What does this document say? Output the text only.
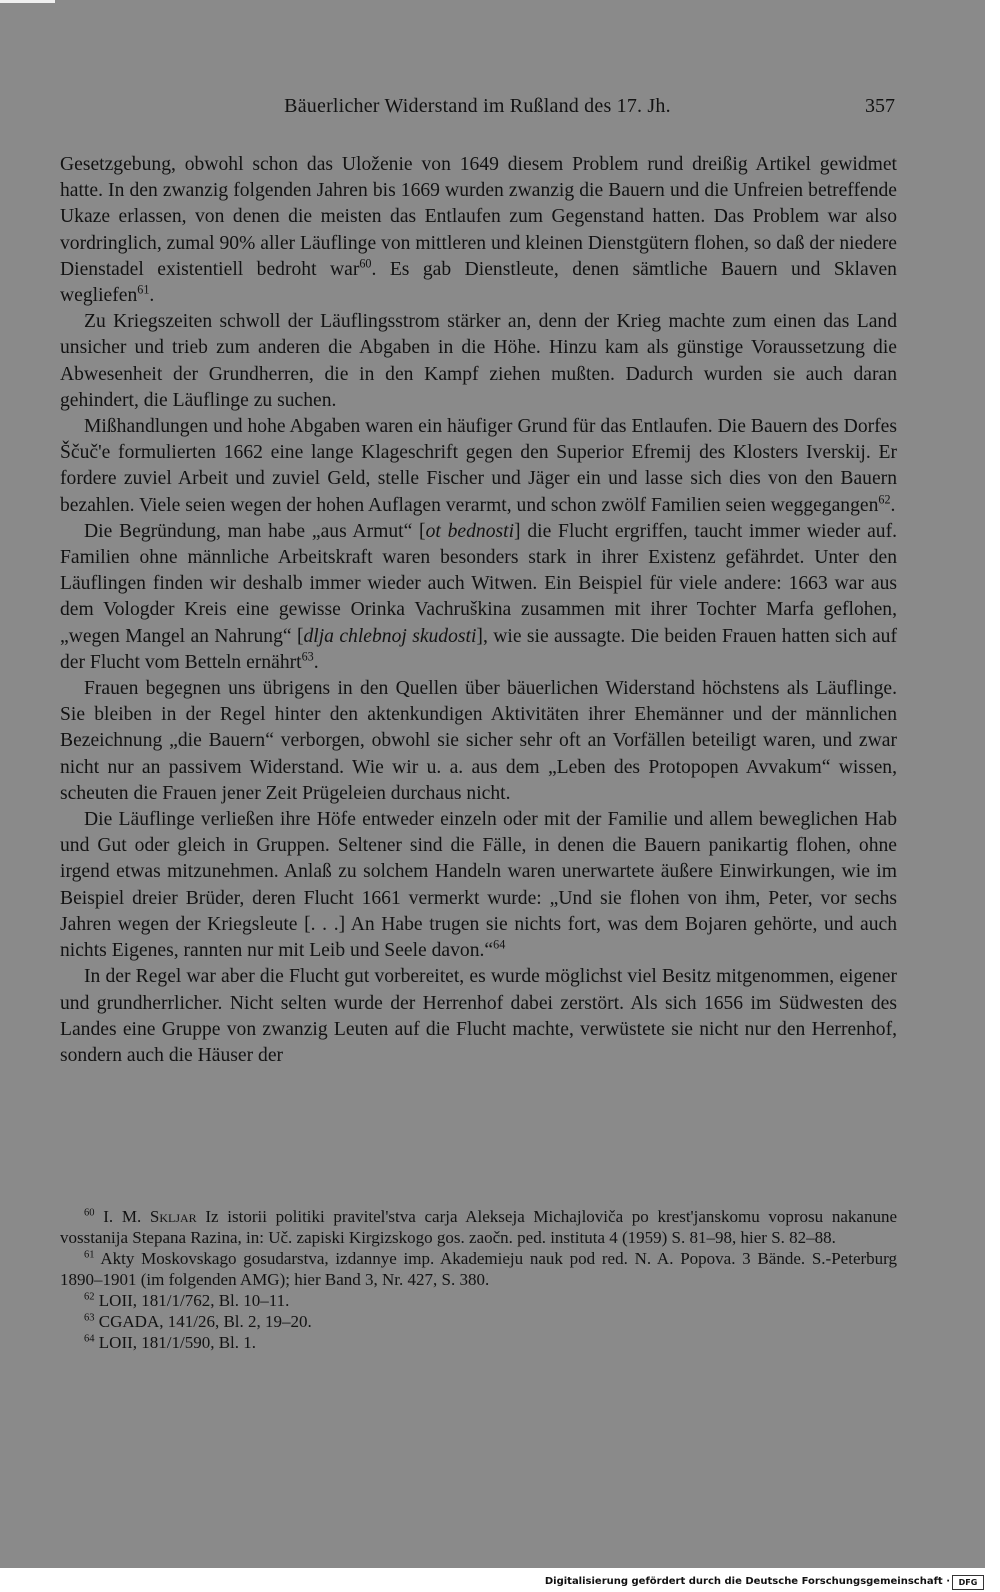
Bäuerlicher Widerstand im Rußland des 17. Jh.	357

Gesetzgebung, obwohl schon das Uloženie von 1649 diesem Problem rund dreißig Artikel gewidmet hatte. In den zwanzig folgenden Jahren bis 1669 wurden zwanzig die Bauern und die Unfreien betreffende Ukaze erlassen, von denen die meisten das Entlaufen zum Gegenstand hatten. Das Problem war also vordringlich, zumal 90% aller Läuflinge von mittleren und kleinen Dienstgütern flohen, so daß der niedere Dienstadel existentiell bedroht war$^{60}$. Es gab Dienstleute, denen sämtliche Bauern und Sklaven wegliefen$^{61}$.

Zu Kriegszeiten schwoll der Läuflingsstrom stärker an, denn der Krieg machte zum einen das Land unsicher und trieb zum anderen die Abgaben in die Höhe. Hinzu kam als günstige Voraussetzung die Abwesenheit der Grundherren, die in den Kampf ziehen mußten. Dadurch wurden sie auch daran gehindert, die Läuflinge zu suchen.

Mißhandlungen und hohe Abgaben waren ein häufiger Grund für das Entlaufen. Die Bauern des Dorfes Ščuč'e formulierten 1662 eine lange Klageschrift gegen den Superior Efremij des Klosters Iverskij. Er fordere zuviel Arbeit und zuviel Geld, stelle Fischer und Jäger ein und lasse sich dies von den Bauern bezahlen. Viele seien wegen der hohen Auflagen verarmt, und schon zwölf Familien seien weggegangen$^{62}$.

Die Begründung, man habe „aus Armut“ [ot bednosti] die Flucht ergriffen, taucht immer wieder auf. Familien ohne männliche Arbeitskraft waren besonders stark in ihrer Existenz gefährdet. Unter den Läuflingen finden wir deshalb immer wieder auch Witwen. Ein Beispiel für viele andere: 1663 war aus dem Vologder Kreis eine gewisse Orinka Vachruškina zusammen mit ihrer Tochter Marfa geflohen, „wegen Mangel an Nahrung“ [dlja chlebnoj skudosti], wie sie aussagte. Die beiden Frauen hatten sich auf der Flucht vom Betteln ernährt$^{63}$.

Frauen begegnen uns übrigens in den Quellen über bäuerlichen Widerstand höchstens als Läuflinge. Sie bleiben in der Regel hinter den aktenkundigen Aktivitäten ihrer Ehemänner und der männlichen Bezeichnung „die Bauern“ verborgen, obwohl sie sicher sehr oft an Vorfällen beteiligt waren, und zwar nicht nur an passivem Widerstand. Wie wir u. a. aus dem „Leben des Protopopen Avvakum“ wissen, scheuten die Frauen jener Zeit Prügeleien durchaus nicht.

Die Läuflinge verließen ihre Höfe entweder einzeln oder mit der Familie und allem beweglichen Hab und Gut oder gleich in Gruppen. Seltener sind die Fälle, in denen die Bauern panikartig flohen, ohne irgend etwas mitzunehmen. Anlaß zu solchem Handeln waren unerwartete äußere Einwirkungen, wie im Beispiel dreier Brüder, deren Flucht 1661 vermerkt wurde: „Und sie flohen von ihm, Peter, vor sechs Jahren wegen der Kriegsleute [. . .] An Habe trugen sie nichts fort, was dem Bojaren gehörte, und auch nichts Eigenes, rannten nur mit Leib und Seele davon.“$^{64}$

In der Regel war aber die Flucht gut vorbereitet, es wurde möglichst viel Besitz mitgenommen, eigener und grundherrlicher. Nicht selten wurde der Herrenhof dabei zerstört. Als sich 1656 im Südwesten des Landes eine Gruppe von zwanzig Leuten auf die Flucht machte, verwüstete sie nicht nur den Herrenhof, sondern auch die Häuser der

$^{60}$ I. M. Skljar Iz istorii politiki pravitel'stva carja Alekseja Michajloviča po krest'janskomu voprosu nakanune vosstanija Stepana Razina, in: Uč. zapiski Kirgizskogo gos. zaočn. ped. instituta 4 (1959) S. 81–98, hier S. 82–88.

$^{61}$ Akty Moskovskago gosudarstva, izdannye imp. Akademieju nauk pod red. N. A. Popova. 3 Bände. S.-Peterburg 1890–1901 (im folgenden AMG); hier Band 3, Nr. 427, S. 380.

$^{62}$ LOII, 181/1/762, Bl. 10–11.

$^{63}$ CGADA, 141/26, Bl. 2, 19–20.

$^{64}$ LOII, 181/1/590, Bl. 1.

Digitalisierung gefördert durch die Deutsche Forschungsgemeinschaft ·	DFG
